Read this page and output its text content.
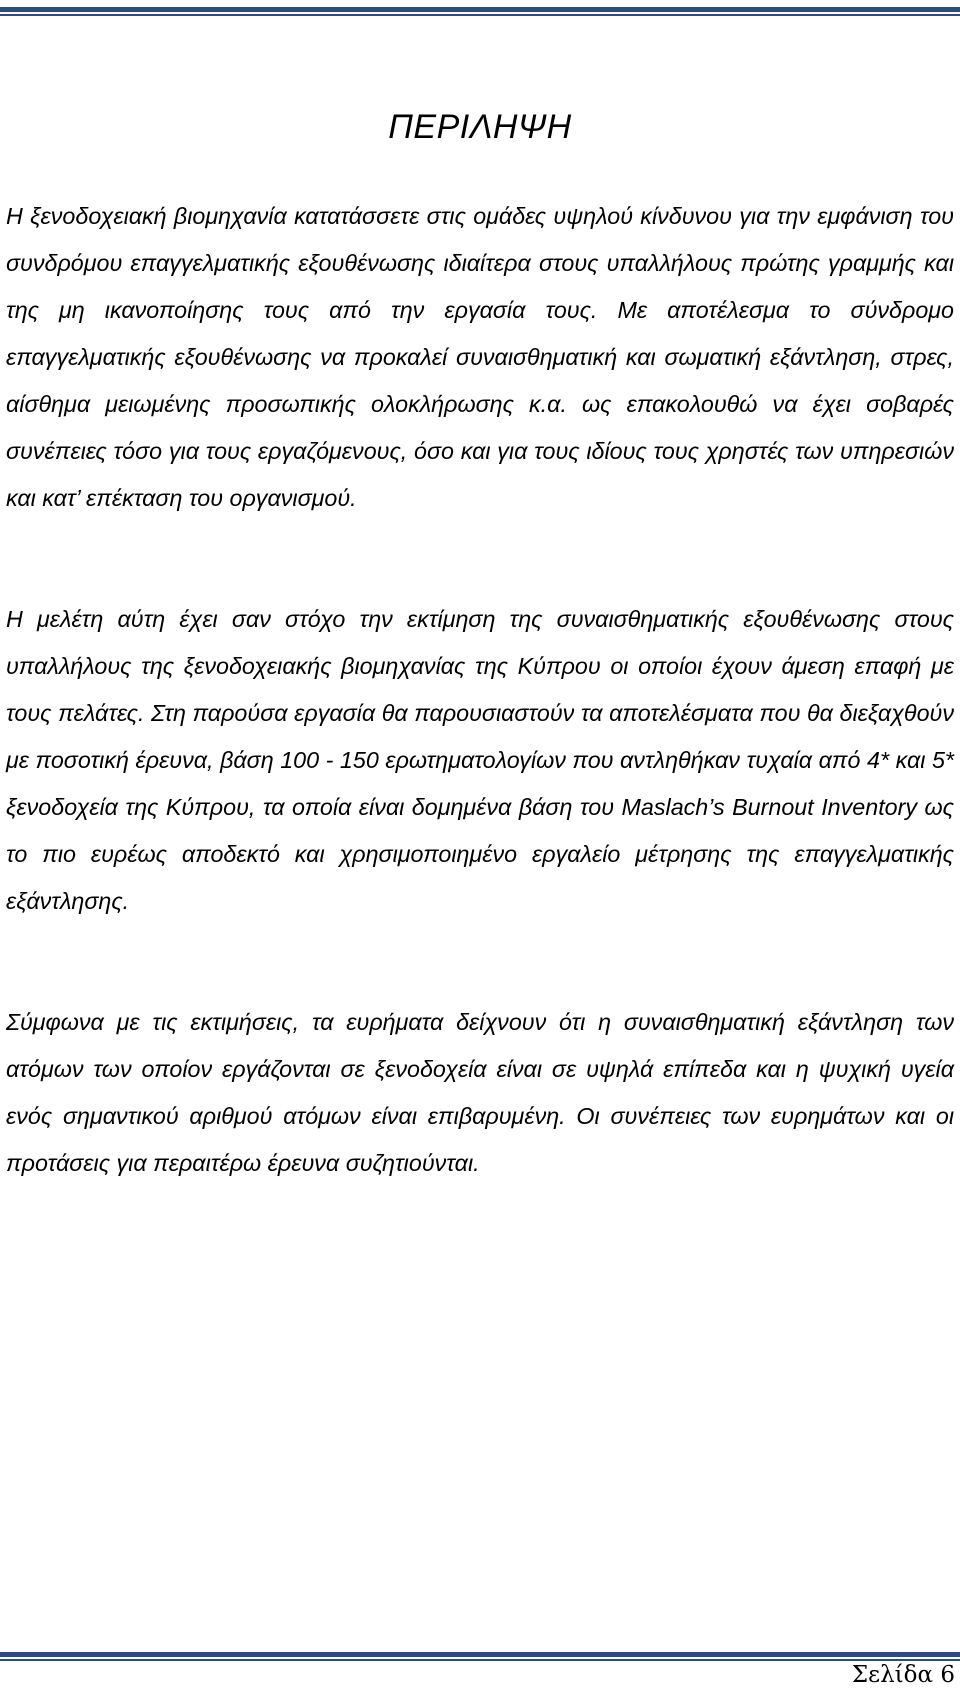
ΠΕΡΙΛΗΨΗ

Η ξενοδοχειακή βιομηχανία κατατάσσετε στις ομάδες υψηλού κίνδυνου για την εμφάνιση του συνδρόμου επαγγελματικής εξουθένωσης ιδιαίτερα στους υπαλλήλους πρώτης γραμμής και της μη ικανοποίησης τους από την εργασία τους. Με αποτέλεσμα το σύνδρομο επαγγελματικής εξουθένωσης να προκαλεί συναισθηματική και σωματική εξάντληση, στρες, αίσθημα μειωμένης προσωπικής ολοκλήρωσης κ.α. ως επακολουθώ να έχει σοβαρές συνέπειες τόσο για τους εργαζόμενους, όσο και για τους ιδίους τους χρηστές των υπηρεσιών και κατ’ επέκταση του οργανισμού.

Η μελέτη αύτη έχει σαν στόχο την εκτίμηση της συναισθηματικής εξουθένωσης στους υπαλλήλους της ξενοδοχειακής βιομηχανίας της Κύπρου οι οποίοι έχουν άμεση επαφή με τους πελάτες. Στη παρούσα εργασία θα παρουσιαστούν τα αποτελέσματα που θα διεξαχθούν με ποσοτική έρευνα, βάση 100 - 150 ερωτηματολογίων που αντληθήκαν τυχαία από 4* και 5* ξενοδοχεία της Κύπρου, τα οποία είναι δομημένα βάση του Maslach’s Burnout Inventory ως το πιο ευρέως αποδεκτό και χρησιμοποιημένο εργαλείο μέτρησης της επαγγελματικής εξάντλησης.

Σύμφωνα με τις εκτιμήσεις, τα ευρήματα δείχνουν ότι η συναισθηματική εξάντληση των ατόμων των οποίον εργάζονται σε ξενοδοχεία είναι σε υψηλά επίπεδα και η ψυχική υγεία ενός σημαντικού αριθμού ατόμων είναι επιβαρυμένη. Οι συνέπειες των ευρημάτων και οι προτάσεις για περαιτέρω έρευνα συζητιούνται.

Σελίδα 6
